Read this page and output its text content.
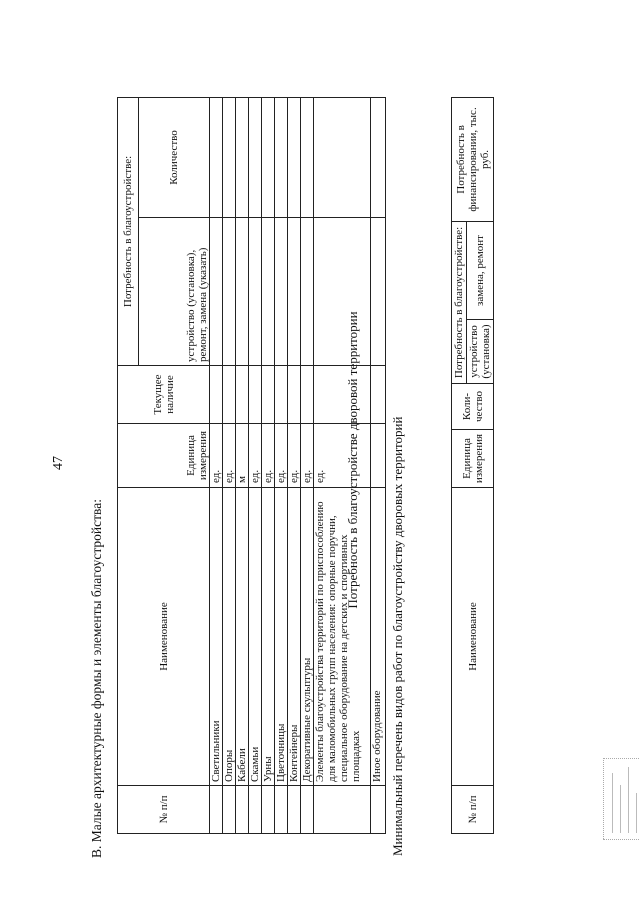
47
В. Малые архитектурные формы и элементы благоустройства:	№ п/п	Наименование	Единица измерения	Текущее наличие	Потребность в благоустройстве:	
				устройство (установка), ремонт, замена (указать)	Количество
	Светильники	ед.			
	Опоры	ед.			
	Кабели	м			
	Скамьи	ед.			
	Урны	ед.			
	Цветочницы	ед.			
	Контейнеры	ед.			
	Декоративные скульптуры	ед.			
	Элементы благоустройства территорий по приспособлению для маломобильных групп населения: опорные поручни, специальное оборудование на детских и спортивных площадках	ед.			
	Иное оборудование				
Потребность в благоустройстве дворовой территории Минимальный перечень видов работ по благоустройству дворовых территорий	№ п/п	Наименование	Единица измерения	Коли-чество	Потребность в благоустройстве:		Потребность в финансировании, тыс. руб.
				устройство (установка)	замена, ремонт	
